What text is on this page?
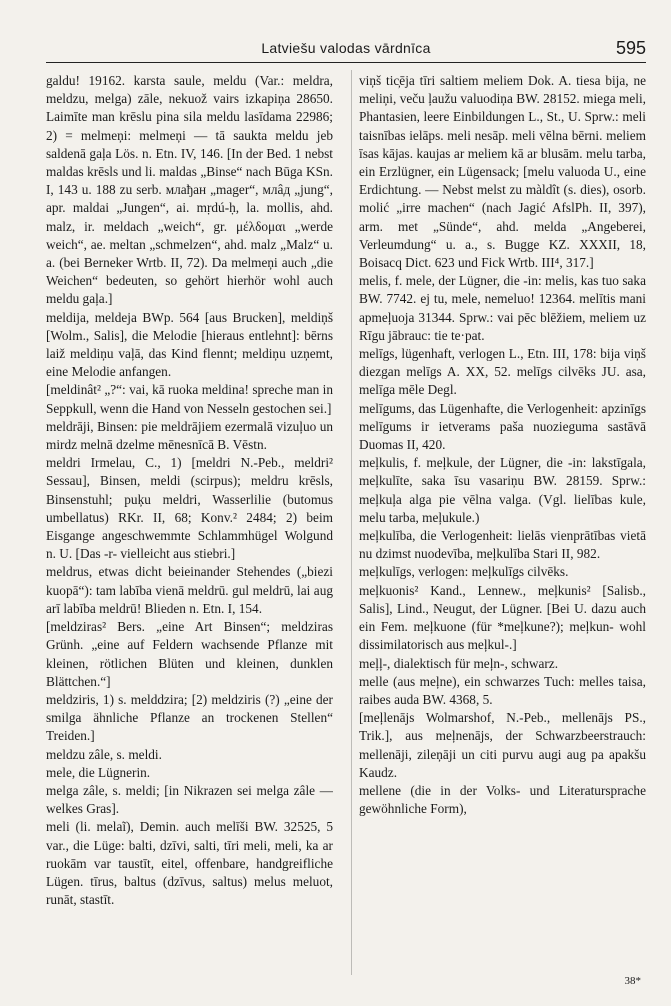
Latviešu valodas vārdnīca	595

galdu! 19162. karsta saule, meldu (Var.: meldra, meldzu, melga) zāle, nekuož vairs izkapiņa 28650. Laimīte man krēslu pina sila meldu lasīdama 22986; 2) = melmeņi: melmeņi — tā saukta meldu jeb saldenā gaļa Lös. n. Etn. IV, 146. [In der Bed. 1 nebst maldas krēsls und li. maldas „Binse“ nach Būga KSn. I, 143 u. 188 zu serb. млађан „mager“, млâд „jung“, apr. maldai „Jungen“, ai. mṛdú-ḥ, la. mollis, ahd. malz, ir. meldach „weich“, gr. μέλδομαι „werde weich“, ae. meltan „schmelzen“, ahd. malz „Malz“ u. a. (bei Berneker Wrtb. II, 72). Da melmeņi auch „die Weichen“ bedeuten, so gehört hierhör wohl auch meldu gaļa.]

meldija, meldeja BWp. 564 [aus Brucken], meldiņš [Wolm., Salis], die Melodie [hieraus entlehnt]: bērns laiž meldiņu vaļā, das Kind flennt; meldiņu uzņemt, eine Melodie anfangen.

[meldinât² „?“: vai, kā ruoka meldina! spreche man in Seppkull, wenn die Hand von Nesseln gestochen sei.]

meldrāji, Binsen: pie meldrājiem ezermalā vizuļuo un mirdz melnā dzelme mēnesnīcā B. Vēstn.

meldri Irmelau, C., 1) [meldri N.-Peb., meldri² Sessau], Binsen, meldi (scirpus); meldru krēsls, Binsenstuhl; puķu meldri, Wasserlilie (butomus umbellatus) RKr. II, 68; Konv.² 2484; 2) beim Eisgange angeschwemmte Schlammhügel Wolgund n. U. [Das -r- vielleicht aus stiebri.]

meldrus, etwas dicht beieinander Stehendes („biezi kuopā“): tam labība vienā meldrū. gul meldrū, lai aug arī labība meldrū! Blieden n. Etn. I, 154.

[meldziras² Bers. „eine Art Binsen“; meldziras Grünh. „eine auf Feldern wachsende Pflanze mit kleinen, rötlichen Blüten und kleinen, dunklen Blättchen.“]

meldziris, 1) s. melddzira; [2) meldziris (?) „eine der smilga ähnliche Pflanze an trockenen Stellen“ Treiden.]

meldzu zâle, s. meldi.

mele, die Lügnerin.

melga zâle, s. meldi; [in Nikrazen sei melga zâle — welkes Gras].

meli (li. melaĩ), Demin. auch melīši BW. 32525, 5 var., die Lüge: balti, dzīvi, salti, tīri meli, meli, ka ar ruokām var taustīt, eitel, offenbare, handgreifliche Lügen. tīrus, baltus (dzīvus, saltus) melus meluot, runāt, stastīt.

viņš tic̦ēja tīri saltiem meliem Dok. A. tiesa bija, ne meliņi, veču ļaužu valuodiņa BW. 28152. miega meli, Phantasien, leere Einbildungen L., St., U. Sprw.: meli taisnības ielāps. meli nesāp. meli vēlna bērni. meliem īsas kājas. kaujas ar meliem kā ar blusām. melu tarba, ein Erzlügner, ein Lügensack; [melu valuoda U., eine Erdichtung. — Nebst melst zu màldît (s. dies), osorb. molić „irre machen“ (nach Jagić AfslPh. II, 397), arm. met „Sünde“, ahd. melda „Angeberei, Verleumdung“ u. a., s. Bugge KZ. XXXII, 18, Boisacq Dict. 623 und Fick Wrtb. III⁴, 317.]

melis, f. mele, der Lügner, die -in: melis, kas tuo saka BW. 7742. ej tu, mele, nemeluo! 12364. melītis mani apmeļuoja 31344. Sprw.: vai pēc blēžiem, meliem uz Rīgu jābrauc: tie te·pat.

melīgs, lügenhaft, verlogen L., Etn. III, 178: bija viņš diezgan melīgs A. XX, 52. melīgs cilvēks JU. asa, melīga mēle Degl.

melīgums, das Lügenhafte, die Verlogenheit: apzinīgs melīgums ir ietverams paša nuozieguma sastāvā Duomas II, 420.

meļkulis, f. meļkule, der Lügner, die -in: lakstīgala, meļkulīte, saka īsu vasariņu BW. 28159. Sprw.: meļkuļa alga pie vēlna valga. (Vgl. lielības kule, melu tarba, meļukule.)

meļkulība, die Verlogenheit: lielās vienprātības vietā nu dzimst nuodevība, meļkulība Stari II, 982.

meļkulīgs, verlogen: meļkulīgs cilvēks.

meļkuonis² Kand., Lennew., meļkunis² [Salisb., Salis], Lind., Neugut, der Lügner. [Bei U. dazu auch ein Fem. meļkuone (für *meļkune?); meļkun- wohl dissimilatorisch aus meļkul-.]

meļļ-, dialektisch für meļn-, schwarz.

melle (aus meļne), ein schwarzes Tuch: melles taisa, raibes auda BW. 4368, 5.

[meļlenājs Wolmarshof, N.-Peb., mellenājs PS., Trik.], aus meļnenājs, der Schwarzbeerstrauch: mellenāji, zileņāji un citi purvu augi aug pa apakšu Kaudz.

mellene (die in der Volks- und Literatursprache gewöhnliche Form),

38*
